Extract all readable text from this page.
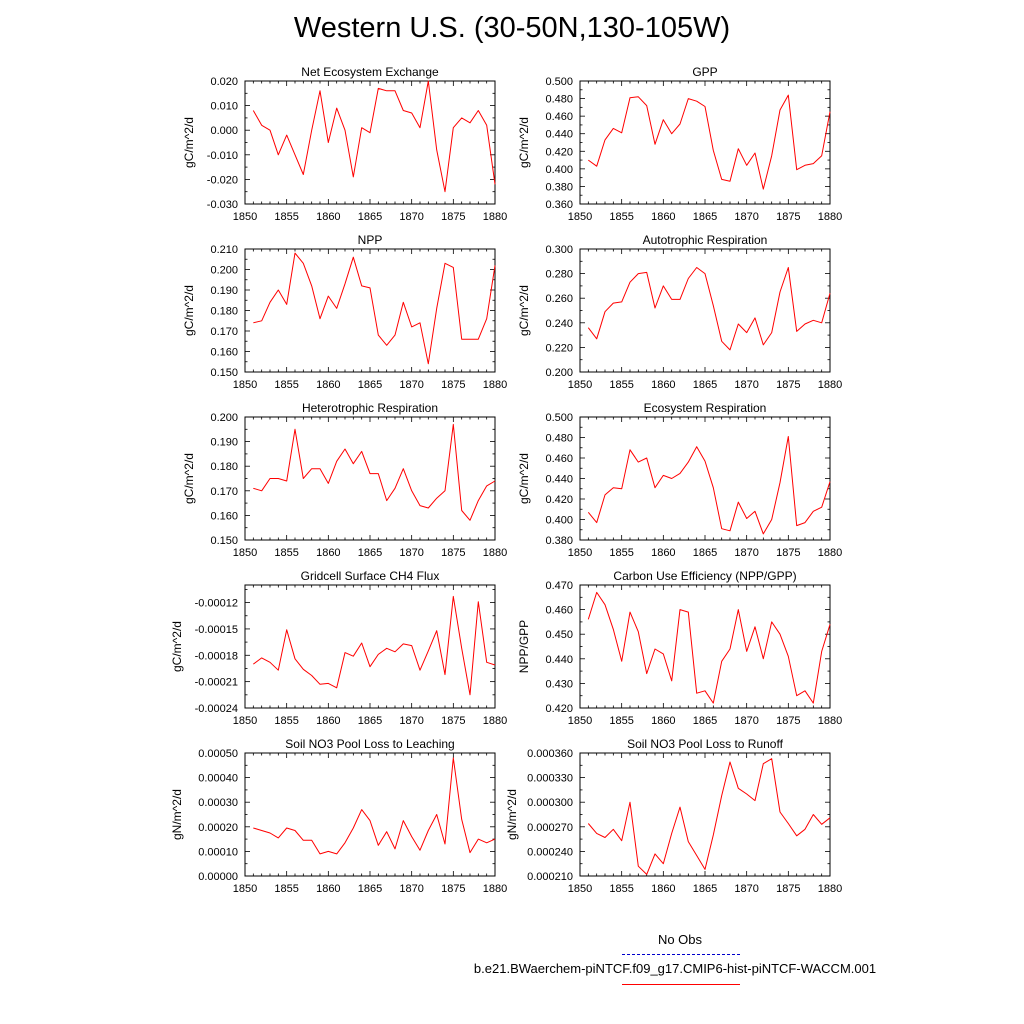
Western U.S. (30-50N,130-105W)
Net Ecosystem Exchange
1850 1855 1860 1865 1870 1875 1880
-0.030
-0.020
-0.010
0.000
0.010
0.020
gC/m^2/d
GPP
1850 1855 1860 1865 1870 1875 1880
0.360
0.380
0.400
0.420
0.440
0.460
0.480
0.500
gC/m^2/d
NPP
1850 1855 1860 1865 1870 1875 1880
0.150
0.160
0.170
0.180
0.190
0.200
0.210
gC/m^2/d
Autotrophic Respiration
1850 1855 1860 1865 1870 1875 1880
0.200
0.220
0.240
0.260
0.280
0.300
gC/m^2/d
Heterotrophic Respiration
1850 1855 1860 1865 1870 1875 1880
0.150
0.160
0.170
0.180
0.190
0.200
gC/m^2/d
Ecosystem Respiration
1850 1855 1860 1865 1870 1875 1880
0.380
0.400
0.420
0.440
0.460
0.480
0.500
gC/m^2/d
Gridcell Surface CH4 Flux
1850 1855 1860 1865 1870 1875 1880
-0.00024
-0.00021
-0.00018
-0.00015
-0.00012
gC/m^2/d
Carbon Use Efficiency (NPP/GPP)
1850 1855 1860 1865 1870 1875 1880
0.420
0.430
0.440
0.450
0.460
0.470
NPP/GPP
Soil NO3 Pool Loss to Leaching
1850 1855 1860 1865 1870 1875 1880
0.00000
0.00010
0.00020
0.00030
0.00040
0.00050
gN/m^2/d
Soil NO3 Pool Loss to Runoff
1850 1855 1860 1865 1870 1875 1880
0.000210
0.000240
0.000270
0.000300
0.000330
0.000360
gN/m^2/d
No Obs
b.e21.BWaerchem-piNTCF.f09_g17.CMIP6-hist-piNTCF-WACCM.001
